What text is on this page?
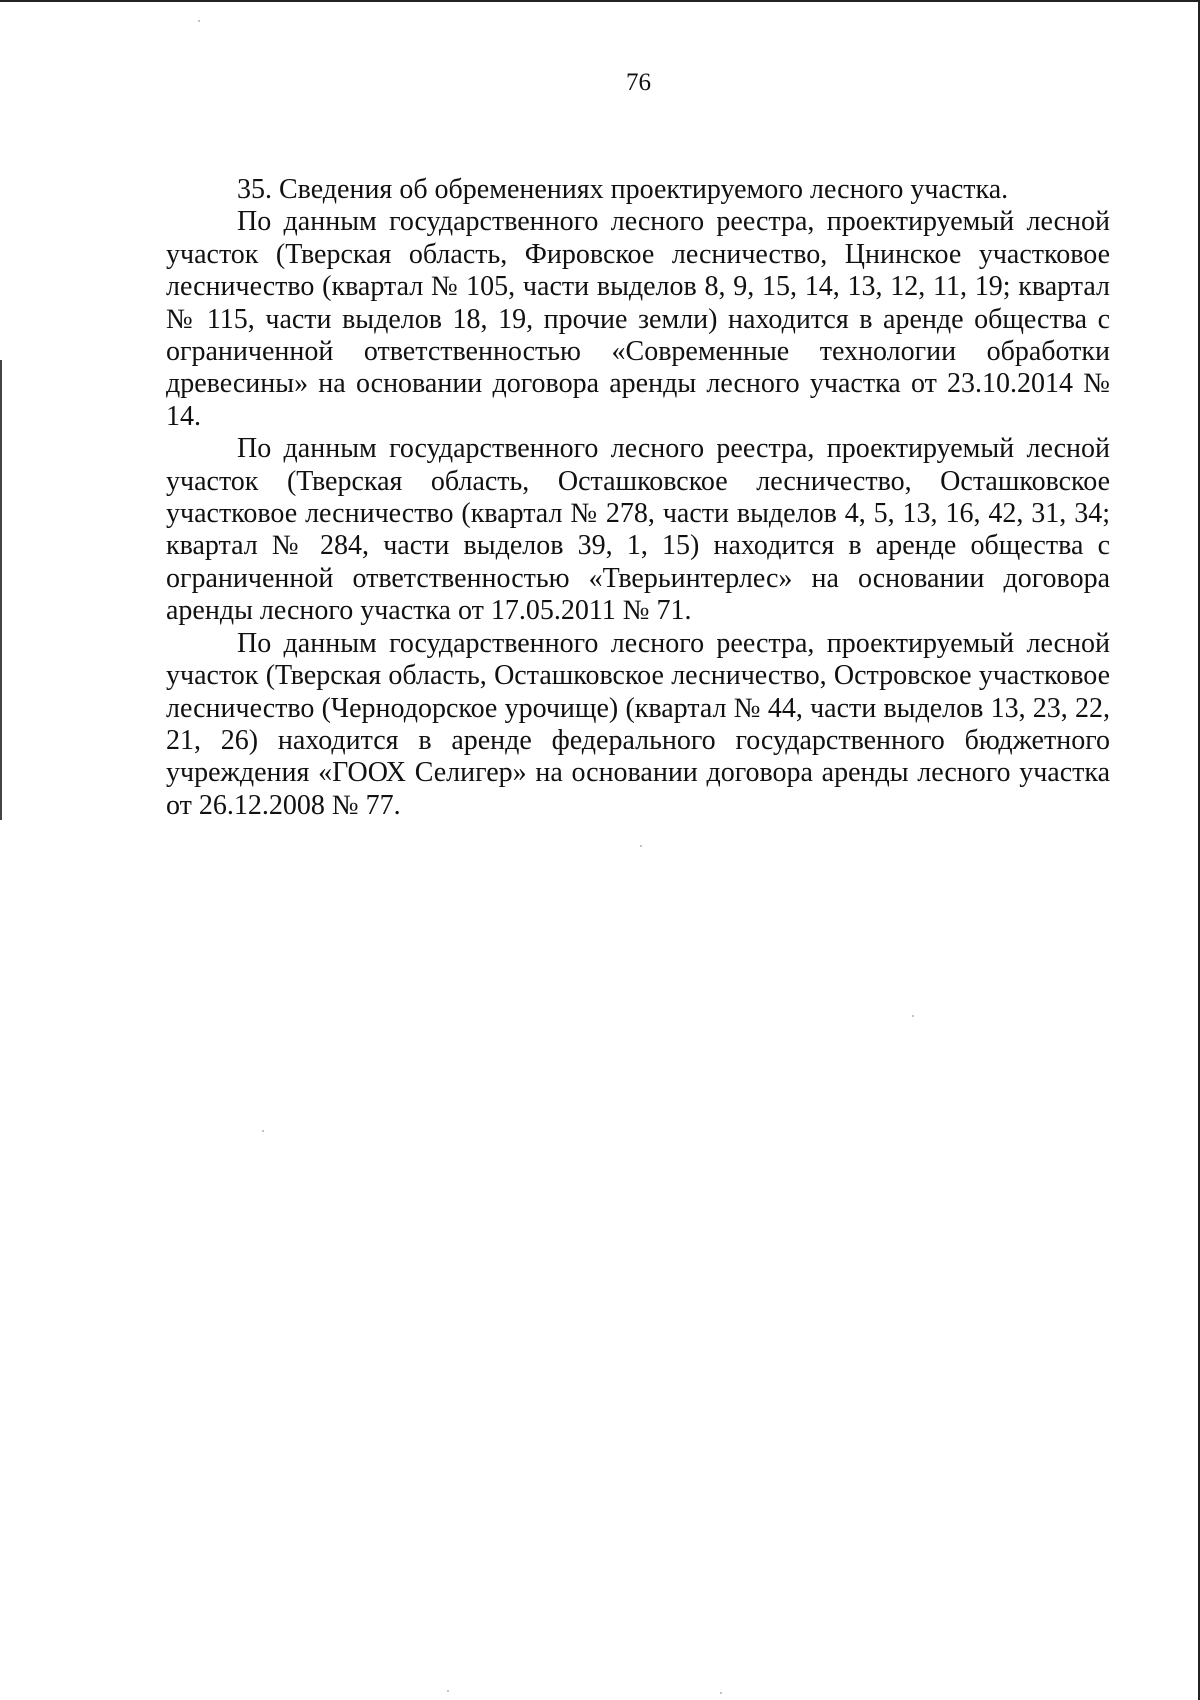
76

35. Сведения об обременениях проектируемого лесного участка.

По данным государственного лесного реестра, проектируемый лесной участок (Тверская область, Фировское лесничество, Цнинское участковое лесничество (квартал № 105, части выделов 8, 9, 15, 14, 13, 12, 11, 19; квартал № 115, части выделов 18, 19, прочие земли) находится в аренде общества с ограниченной ответственностью «Современные технологии обработки древесины» на основании договора аренды лесного участка от 23.10.2014 № 14.

По данным государственного лесного реестра, проектируемый лесной участок (Тверская область, Осташковское лесничество, Осташковское участковое лесничество (квартал № 278, части выделов 4, 5, 13, 16, 42, 31, 34; квартал № 284, части выделов 39, 1, 15) находится в аренде общества с ограниченной ответственностью «Тверьинтерлес» на основании договора аренды лесного участка от 17.05.2011 № 71.

По данным государственного лесного реестра, проектируемый лесной участок (Тверская область, Осташковское лесничество, Островское участковое лесничество (Чернодорское урочище) (квартал № 44, части выделов 13, 23, 22, 21, 26) находится в аренде федерального государственного бюджетного учреждения «ГООХ Селигер» на основании договора аренды лесного участка от 26.12.2008 № 77.
